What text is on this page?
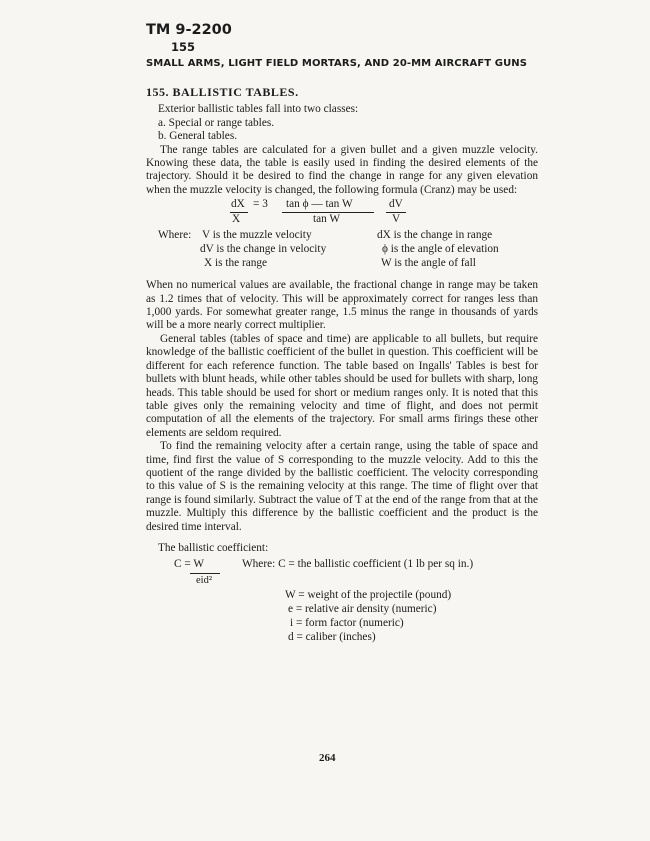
TM 9-2200
155
SMALL ARMS, LIGHT FIELD MORTARS, AND 20-MM AIRCRAFT GUNS

155. BALLISTIC TABLES.

Exterior ballistic tables fall into two classes:

a. Special or range tables.

b. General tables.

The range tables are calculated for a given bullet and a given muzzle velocity. Knowing these data, the table is easily used in finding the desired elements of the trajectory. Should it be desired to find the change in range for any given elevation when the muzzle velocity is changed, the following formula (Cranz) may be used:

dX = 3 tan ϕ — tan W	dV
X	tan W	V
Where: V is the muzzle velocity	dX is the change in range
dV is the change in velocity	ϕ is the angle of elevation
X is the range	W is the angle of fall

When no numerical values are available, the fractional change in range may be taken as 1.2 times that of velocity. This will be approximately correct for ranges less than 1,000 yards. For somewhat greater range, 1.5 minus the range in thousands of yards will be a more nearly correct multiplier.

General tables (tables of space and time) are applicable to all bullets, but require knowledge of the ballistic coefficient of the bullet in question. This coefficient will be different for each reference function. The table based on Ingalls' Tables is best for bullets with blunt heads, while other tables should be used for bullets with sharp, long heads. This table should be used for short or medium ranges only. It is noted that this table gives only the remaining velocity and time of flight, and does not permit computation of all the elements of the trajectory. For small arms firings these other elements are seldom required.

To find the remaining velocity after a certain range, using the table of space and time, find first the value of S corresponding to the muzzle velocity. Add to this the quotient of the range divided by the ballistic coefficient. The velocity corresponding to this value of S is the remaining velocity at this range. The time of flight over that range is found similarly. Subtract the value of T at the end of the range from that at the muzzle. Multiply this difference by the ballistic coefficient and the product is the desired time interval.

The ballistic coefficient:
C = W
eid²
Where: C = the ballistic coefficient (1 lb per sq in.)
W = weight of the projectile (pound)
e = relative air density (numeric)
i = form factor (numeric)
d = caliber (inches)
264
